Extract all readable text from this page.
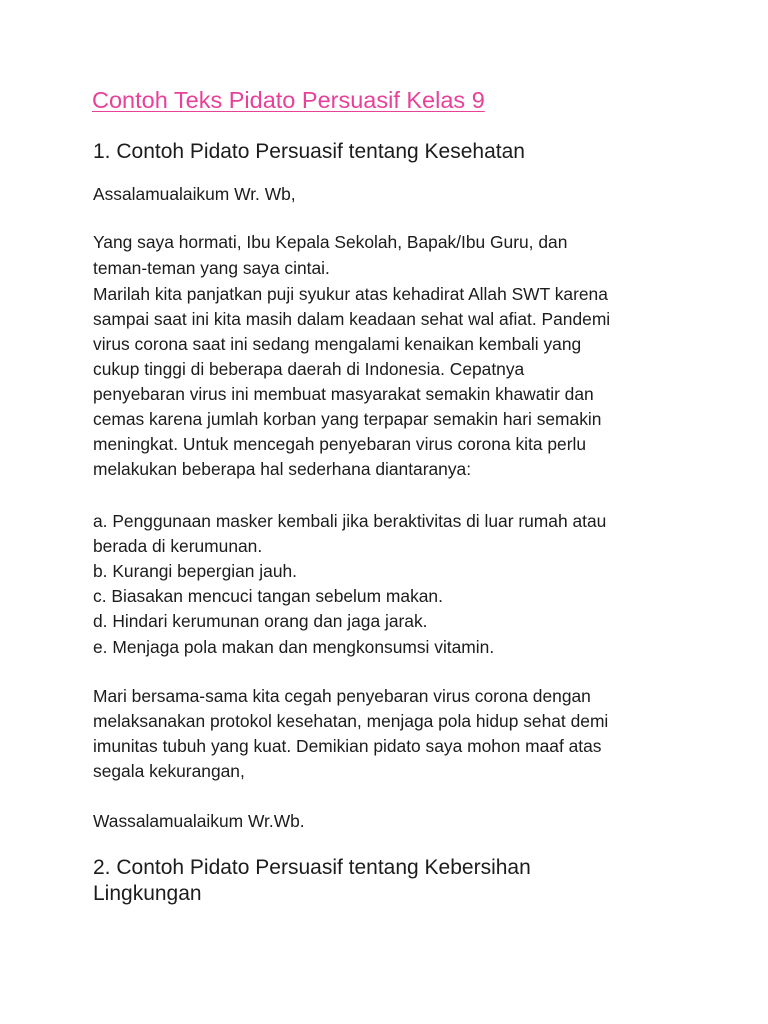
Contoh Teks Pidato Persuasif Kelas 9
1. Contoh Pidato Persuasif tentang Kesehatan
Assalamualaikum Wr. Wb,
Yang saya hormati, Ibu Kepala Sekolah, Bapak/Ibu Guru, dan
teman-teman yang saya cintai.
Marilah kita panjatkan puji syukur atas kehadirat Allah SWT karena
sampai saat ini kita masih dalam keadaan sehat wal afiat. Pandemi
virus corona saat ini sedang mengalami kenaikan kembali yang
cukup tinggi di beberapa daerah di Indonesia. Cepatnya
penyebaran virus ini membuat masyarakat semakin khawatir dan
cemas karena jumlah korban yang terpapar semakin hari semakin
meningkat. Untuk mencegah penyebaran virus corona kita perlu
melakukan beberapa hal sederhana diantaranya:
a. Penggunaan masker kembali jika beraktivitas di luar rumah atau
berada di kerumunan.
b. Kurangi bepergian jauh.
c. Biasakan mencuci tangan sebelum makan.
d. Hindari kerumunan orang dan jaga jarak.
e. Menjaga pola makan dan mengkonsumsi vitamin.
Mari bersama-sama kita cegah penyebaran virus corona dengan
melaksanakan protokol kesehatan, menjaga pola hidup sehat demi
imunitas tubuh yang kuat. Demikian pidato saya mohon maaf atas
segala kekurangan,
Wassalamualaikum Wr.Wb.
2. Contoh Pidato Persuasif tentang Kebersihan
Lingkungan
